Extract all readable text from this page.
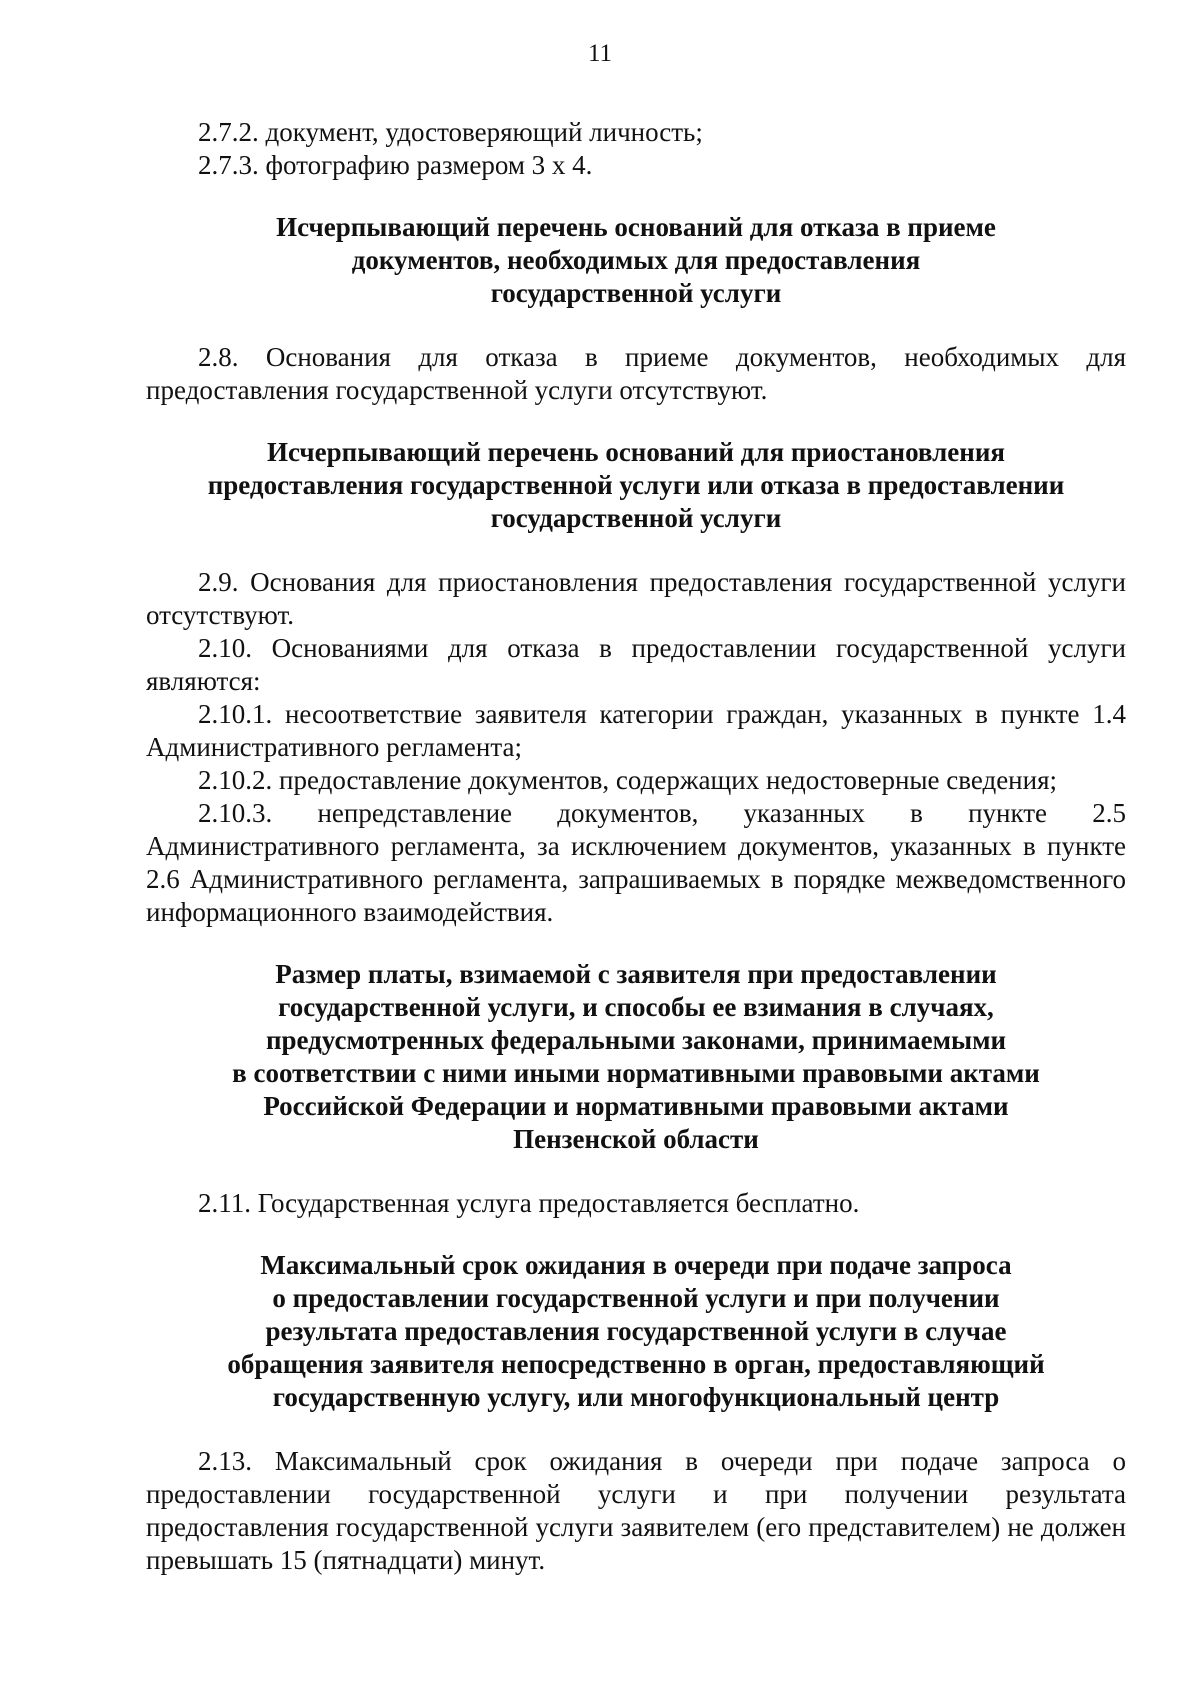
11

2.7.2. документ, удостоверяющий личность;

2.7.3. фотографию размером 3 х 4.

Исчерпывающий перечень оснований для отказа в приеме
документов, необходимых для предоставления
государственной услуги

2.8. Основания для отказа в приеме документов, необходимых для предоставления государственной услуги отсутствуют.

Исчерпывающий перечень оснований для приостановления
предоставления государственной услуги или отказа в предоставлении
государственной услуги

2.9. Основания для приостановления предоставления государственной услуги отсутствуют.

2.10. Основаниями для отказа в предоставлении государственной услуги являются:

2.10.1. несоответствие заявителя категории граждан, указанных в пункте 1.4 Административного регламента;

2.10.2. предоставление документов, содержащих недостоверные сведения;

2.10.3. непредставление документов, указанных в пункте 2.5 Административного регламента, за исключением документов, указанных в пункте 2.6 Административного регламента, запрашиваемых в порядке межведомственного информационного взаимодействия.

Размер платы, взимаемой с заявителя при предоставлении
государственной услуги, и способы ее взимания в случаях,
предусмотренных федеральными законами, принимаемыми
в соответствии с ними иными нормативными правовыми актами
Российской Федерации и нормативными правовыми актами
Пензенской области

2.11. Государственная услуга предоставляется бесплатно.

Максимальный срок ожидания в очереди при подаче запроса
о предоставлении государственной услуги и при получении
результата предоставления государственной услуги в случае
обращения заявителя непосредственно в орган, предоставляющий
государственную услугу, или многофункциональный центр

2.13. Максимальный срок ожидания в очереди при подаче запроса о предоставлении государственной услуги и при получении результата предоставления государственной услуги заявителем (его представителем) не должен превышать 15 (пятнадцати) минут.
